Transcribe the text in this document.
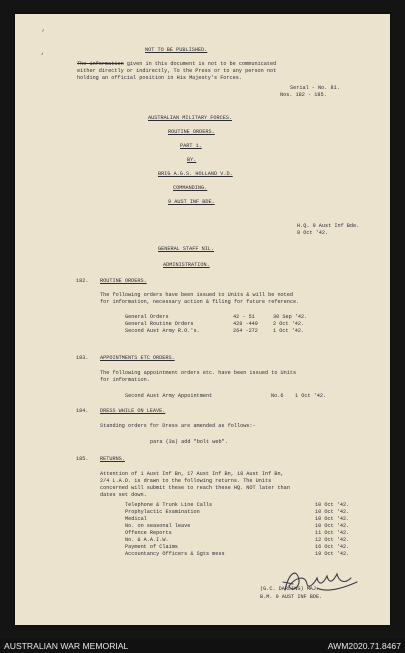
’
‘
NOT TO BE PUBLISHED.
The information given in this document is not to be communicated
either directly or indirectly, To the Press or to any person not
holding an official position in His Majesty's Forces.
Serial - No. 81.
Nos. 182 - 185.
AUSTRALIAN MILITARY FORCES.
ROUTINE ORDERS.
PART 1.
BY.
BRIG A.G.S. HOLLAND V.D.
COMMANDING.
9 AUST INF BDE.
H.Q. 9 Aust Inf Bde.
8 Oct '42.
GENERAL STAFF NIL.
ADMINISTRATION.
182. ROUTINE ORDERS.
The following orders have been issued to Units & will be noted
for information, necessary action & filing for future reference.
General Orders	42 - 51	30 Sep '42.
General Routine Orders	428 -449	2 Oct '42.
Second Aust Army R.O.'s.	264 -272	1 Oct '42.
183. APPOINTMENTS ETC ORDERS.
The following appointment orders etc. have been issued to Units
for information.
Second Aust Army Appointment	No.6 1 Oct '42.
184. DRESS WHILE ON LEAVE.
Standing orders for Dress are amended as follows:-
para (3a) add "bolt web".
185. RETURNS.
Attention of 1 Aust Inf Bn, 17 Aust Inf Bn, 18 Aust Inf Bn,
2/4 L.A.D. is drawn to the following returns. The Units
concerned will submit these to reach these HQ. NOT later than
dates set down.
Telephone & Trunk Line Calls	10 Oct '42.
Prophylactic Examination	10 Oct '42.
Medical	10 Oct '42.
No. on seasonal leave	10 Oct '42.
Offence Reports	11 Oct '42.
No. & A.A.I.W.	12 Oct '42.
Payment of Claims	16 Oct '42.
Accountancy Officers & Sgts mess	19 Oct '42.
(G.C. DARLING) MAJ.
B.M. 9 AUST INF BDE.
AUSTRALIAN WAR MEMORIAL	AWM2020.71.8467
